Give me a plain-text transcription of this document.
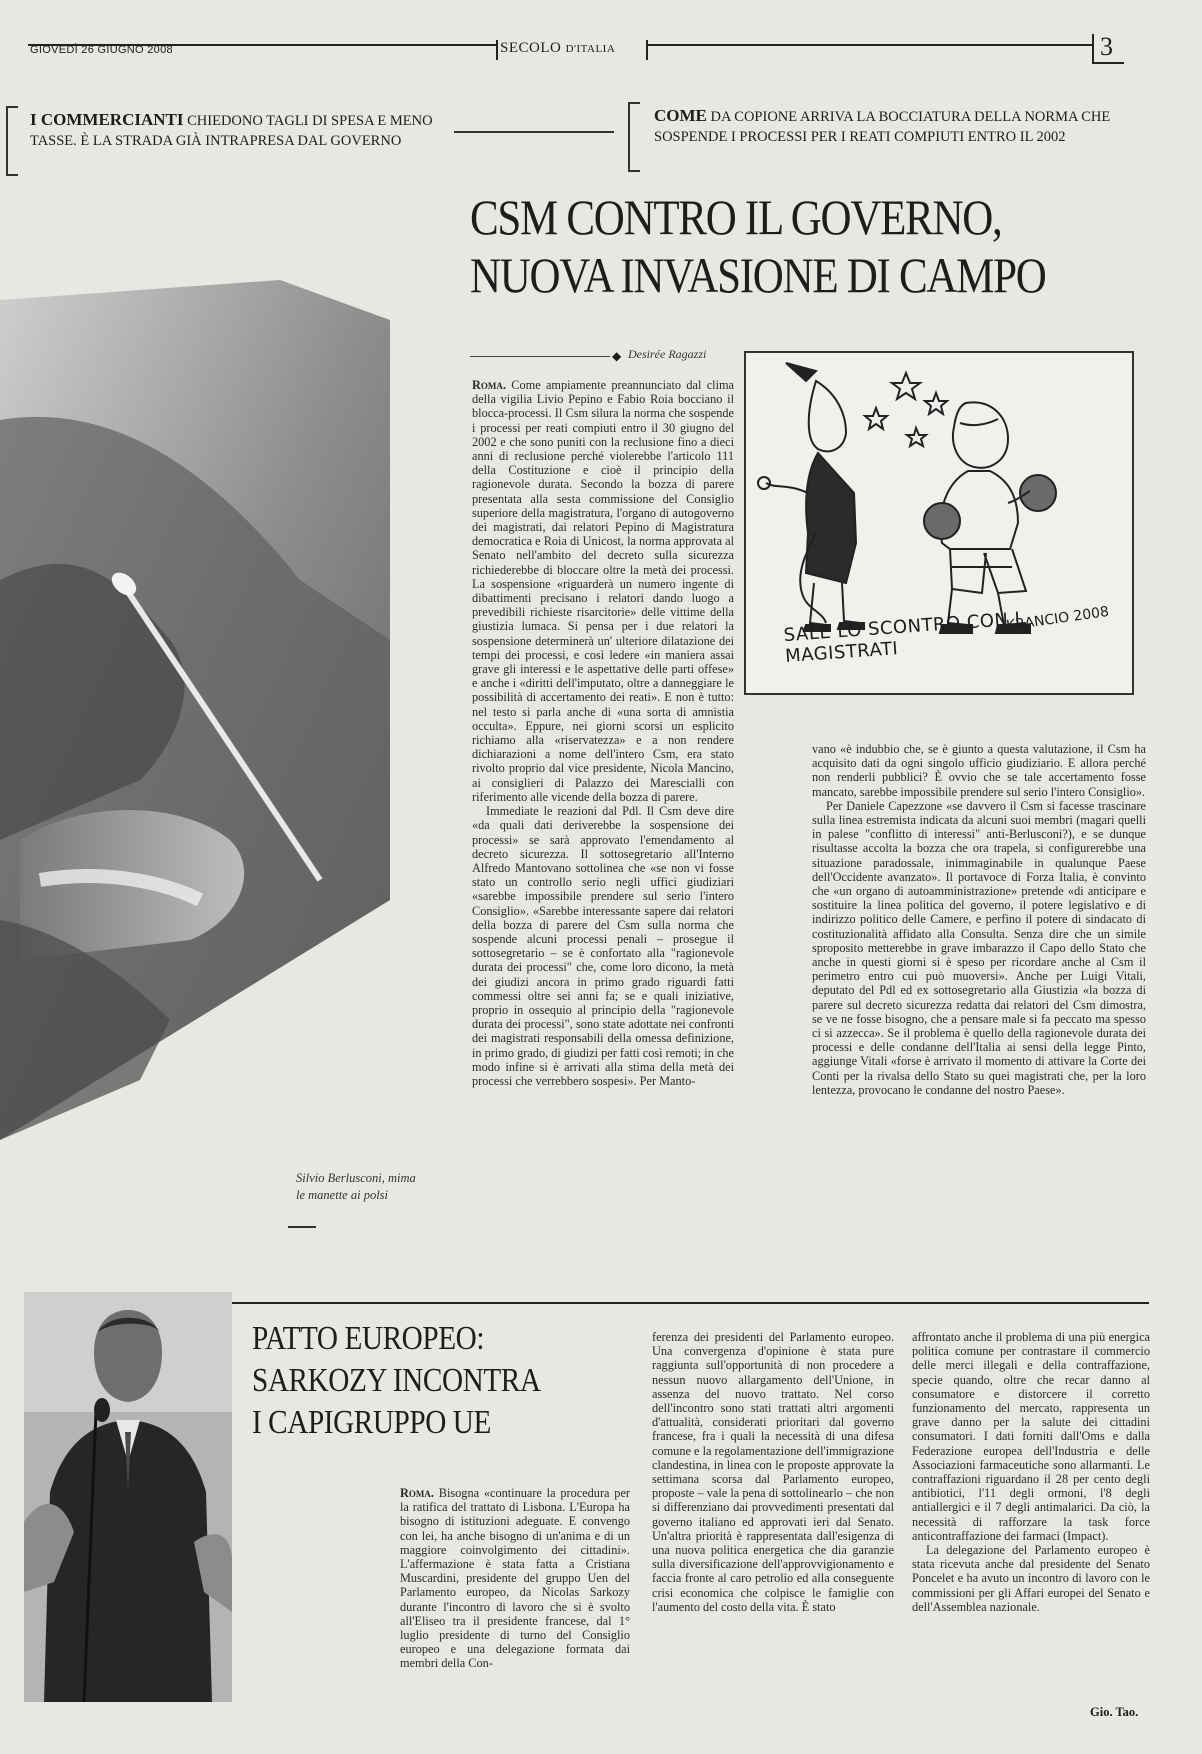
GIOVEDÌ 26 GIUGNO 2008	SECOLO D'ITALIA	3
I COMMERCIANTI CHIEDONO TAGLI DI SPESA E MENO TASSE. È LA STRADA GIÀ INTRAPRESA DAL GOVERNO
COME DA COPIONE ARRIVA LA BOCCIATURA DELLA NORMA CHE SOSPENDE I PROCESSI PER I REATI COMPIUTI ENTRO IL 2002
CSM CONTRO IL GOVERNO,
NUOVA INVASIONE DI CAMPO
◆ Desirée Ragazzi
Silvio Berlusconi, mima le manette ai polsi
KRANCIO 2008
SALE LO SCONTRO CON I MAGISTRATI

Roma. Come ampiamente preannunciato dal clima della vigilia Livio Pepino e Fabio Roia bocciano il blocca-processi. Il Csm silura la norma che sospende i processi per reati compiuti entro il 30 giugno del 2002 e che sono puniti con la reclusione fino a dieci anni di reclusione perché violerebbe l'articolo 111 della Costituzione e cioè il principio della ragionevole durata. Secondo la bozza di parere presentata alla sesta commissione del Consiglio superiore della magistratura, l'organo di autogoverno dei magistrati, dai relatori Pepino di Magistratura democratica e Roia di Unicost, la norma approvata al Senato nell'ambito del decreto sulla sicurezza richiederebbe di bloccare oltre la metà dei processi. La sospensione «riguarderà un numero ingente di dibattimenti precisano i relatori dando luogo a prevedibili richieste risarcitorie» delle vittime della giustizia lumaca. Si pensa per i due relatori la sospensione determinerà un' ulteriore dilatazione dei tempi dei processi, e così ledere «in maniera assai grave gli interessi e le aspettative delle parti offese» e anche i «diritti dell'imputato, oltre a danneggiare le possibilità di accertamento dei reati». E non è tutto: nel testo si parla anche di «una sorta di amnistia occulta». Eppure, nei giorni scorsi un esplicito richiamo alla «riservatezza» e a non rendere dichiarazioni a nome dell'intero Csm, era stato rivolto proprio dal vice presidente, Nicola Mancino, ai consiglieri di Palazzo dei Marescialli con riferimento alle vicende della bozza di parere.

Immediate le reazioni dal Pdl. Il Csm deve dire «da quali dati deriverebbe la sospensione dei processi» se sarà approvato l'emendamento al decreto sicurezza. Il sottosegretario all'Interno Alfredo Mantovano sottolinea che «se non vi fosse stato un controllo serio negli uffici giudiziari «sarebbe impossibile prendere sul serio l'intero Consiglio». «Sarebbe interessante sapere dai relatori della bozza di parere del Csm sulla norma che sospende alcuni processi penali – prosegue il sottosegretario – se è confortato alla "ragionevole durata dei processi" che, come loro dicono, la metà dei giudizi ancora in primo grado riguardi fatti commessi oltre sei anni fa; se e quali iniziative, proprio in ossequio al principio della "ragionevole durata dei processi", sono state adottate nei confronti dei magistrati responsabili della omessa definizione, in primo grado, di giudizi per fatti così remoti; in che modo infine si è arrivati alla stima della metà dei processi che verrebbero sospesi». Per Manto-

vano «è indubbio che, se è giunto a questa valutazione, il Csm ha acquisito dati da ogni singolo ufficio giudiziario. E allora perché non renderli pubblici? È ovvio che se tale accertamento fosse mancato, sarebbe impossibile prendere sul serio l'intero Consiglio».

Per Daniele Capezzone «se davvero il Csm si facesse trascinare sulla linea estremista indicata da alcuni suoi membri (magari quelli in palese "conflitto di interessi" anti-Berlusconi?), e se dunque risultasse accolta la bozza che ora trapela, si configurerebbe una situazione paradossale, inimmaginabile in qualunque Paese dell'Occidente avanzato». Il portavoce di Forza Italia, è convinto che «un organo di autoamministrazione» pretende «di anticipare e sostituire la linea politica del governo, il potere legislativo e di indirizzo politico delle Camere, e perfino il potere di sindacato di costituzionalità affidato alla Consulta. Senza dire che un simile sproposito metterebbe in grave imbarazzo il Capo dello Stato che anche in questi giorni si è speso per ricordare anche al Csm il perimetro entro cui può muoversi». Anche per Luigi Vitali, deputato del Pdl ed ex sottosegretario alla Giustizia «la bozza di parere sul decreto sicurezza redatta dai relatori del Csm dimostra, se ve ne fosse bisogno, che a pensare male si fa peccato ma spesso ci si azzecca». Se il problema è quello della ragionevole durata dei processi e delle condanne dell'Italia ai sensi della legge Pinto, aggiunge Vitali «forse è arrivato il momento di attivare la Corte dei Conti per la rivalsa dello Stato su quei magistrati che, per la loro lentezza, provocano le condanne del nostro Paese».

PATTO EUROPEO:
SARKOZY INCONTRA
I CAPIGRUPPO UE

Roma. Bisogna «continuare la procedura per la ratifica del trattato di Lisbona. L'Europa ha bisogno di istituzioni adeguate. E convengo con lei, ha anche bisogno di un'anima e di un maggiore coinvolgimento dei cittadini». L'affermazione è stata fatta a Cristiana Muscardini, presidente del gruppo Uen del Parlamento europeo, da Nicolas Sarkozy durante l'incontro di lavoro che si è svolto all'Eliseo tra il presidente francese, dal 1° luglio presidente di turno del Consiglio europeo e una delegazione formata dai membri della Con-

ferenza dei presidenti del Parlamento europeo. Una convergenza d'opinione è stata pure raggiunta sull'opportunità di non procedere a nessun nuovo allargamento dell'Unione, in assenza del nuovo trattato. Nel corso dell'incontro sono stati trattati altri argomenti d'attualità, considerati prioritari dal governo francese, fra i quali la necessità di una difesa comune e la regolamentazione dell'immigrazione clandestina, in linea con le proposte approvate la settimana scorsa dal Parlamento europeo, proposte – vale la pena di sottolinearlo – che non si differenziano dai provvedimenti presentati dal governo italiano ed approvati ieri dal Senato. Un'altra priorità è rappresentata dall'esigenza di una nuova politica energetica che dia garanzie sulla diversificazione dell'approvvigionamento e faccia fronte al caro petrolio ed alla conseguente crisi economica che colpisce le famiglie con l'aumento del costo della vita. È stato

affrontato anche il problema di una più energica politica comune per contrastare il commercio delle merci illegali e della contraffazione, specie quando, oltre che recar danno al consumatore e distorcere il corretto funzionamento del mercato, rappresenta un grave danno per la salute dei cittadini consumatori. I dati forniti dall'Oms e dalla Federazione europea dell'Industria e delle Associazioni farmaceutiche sono allarmanti. Le contraffazioni riguardano il 28 per cento degli antibiotici, l'11 degli ormoni, l'8 degli antiallergici e il 7 degli antimalarici. Da ciò, la necessità di rafforzare la task force anticontraffazione dei farmaci (Impact).

La delegazione del Parlamento europeo è stata ricevuta anche dal presidente del Senato Poncelet e ha avuto un incontro di lavoro con le commissioni per gli Affari europei del Senato e dell'Assemblea nazionale.

Gio. Tao.
